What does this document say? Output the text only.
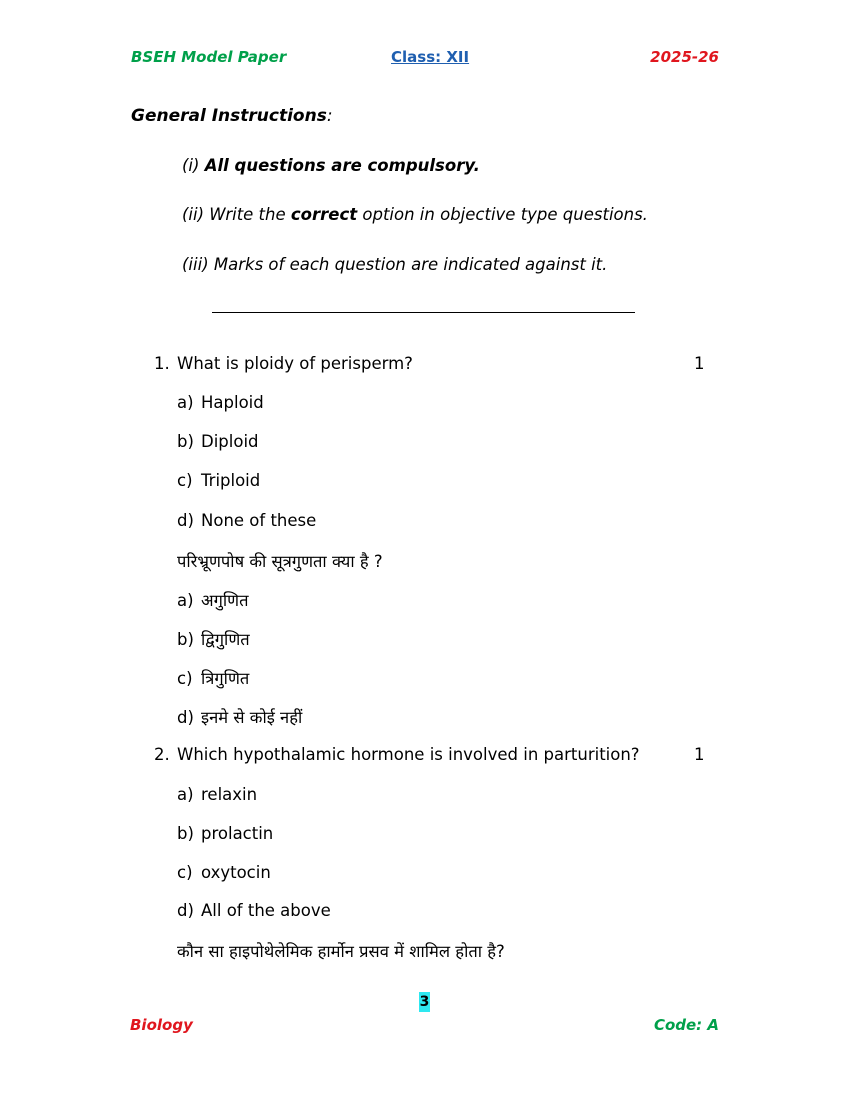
BSEH Model Paper	Class: XII	2025-26
General Instructions:
(i) All questions are compulsory.
(ii) Write the correct option in objective type questions.
(iii) Marks of each question are indicated against it.
1. What is ploidy of perisperm?	1
a) Haploid
b) Diploid
c) Triploid
d) None of these
परिभ्रूणपोष की सूत्रगुणता क्या है ?
a) अगुणित
b) द्विगुणित
c) त्रिगुणित
d) इनमे से कोई नहीं
2. Which hypothalamic hormone is involved in parturition?	1
a) relaxin
b) prolactin
c) oxytocin
d) All of the above
कौन सा हाइपोथेलेमिक हार्मोन प्रसव में शामिल होता है?
3
Biology	Code: A
